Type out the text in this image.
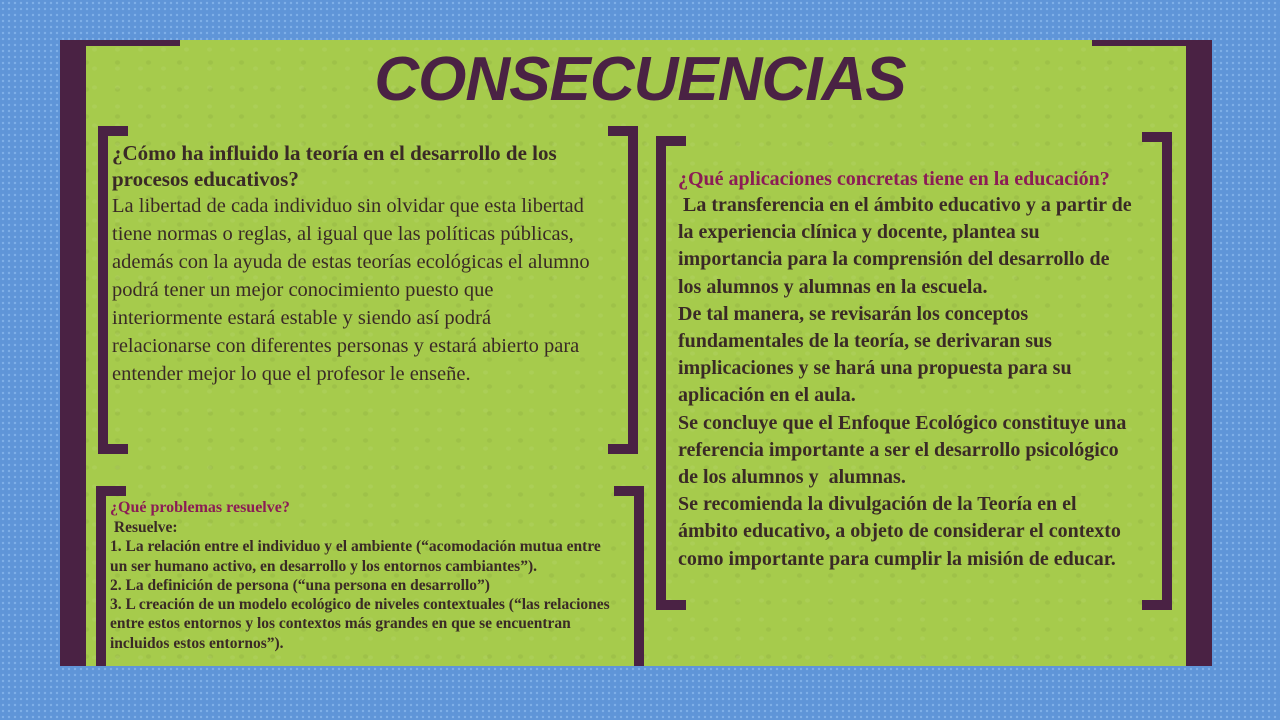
CONSECUENCIAS

¿Cómo ha influido la teoría en el desarrollo de los procesos educativos?

La libertad de cada individuo sin olvidar que esta libertad

tiene normas o reglas, al igual que las políticas públicas,

además con la ayuda de estas teorías ecológicas el alumno

podrá tener un mejor conocimiento puesto que

interiormente estará estable y siendo así podrá

relacionarse con diferentes personas y estará abierto para

entender mejor lo que el profesor le enseñe.

¿Qué aplicaciones concretas tiene en la educación?

La transferencia en el ámbito educativo y a partir de

la experiencia clínica y docente, plantea su

importancia para la comprensión del desarrollo de

los alumnos y alumnas en la escuela.

De tal manera, se revisarán los conceptos

fundamentales de la teoría, se derivaran sus

implicaciones y se hará una propuesta para su

aplicación en el aula.

Se concluye que el Enfoque Ecológico constituye una

referencia importante a ser el desarrollo psicológico

de los alumnos y  alumnas.

Se recomienda la divulgación de la Teoría en el

ámbito educativo, a objeto de considerar el contexto

como importante para cumplir la misión de educar.

¿Qué problemas resuelve?

Resuelve:

1. La relación entre el individuo y el ambiente (“acomodación mutua entre

un ser humano activo, en desarrollo y los entornos cambiantes”).

2. La definición de persona (“una persona en desarrollo”)

3. L creación de un modelo ecológico de niveles contextuales (“las relaciones

entre estos entornos y los contextos más grandes en que se encuentran

incluidos estos entornos”).
